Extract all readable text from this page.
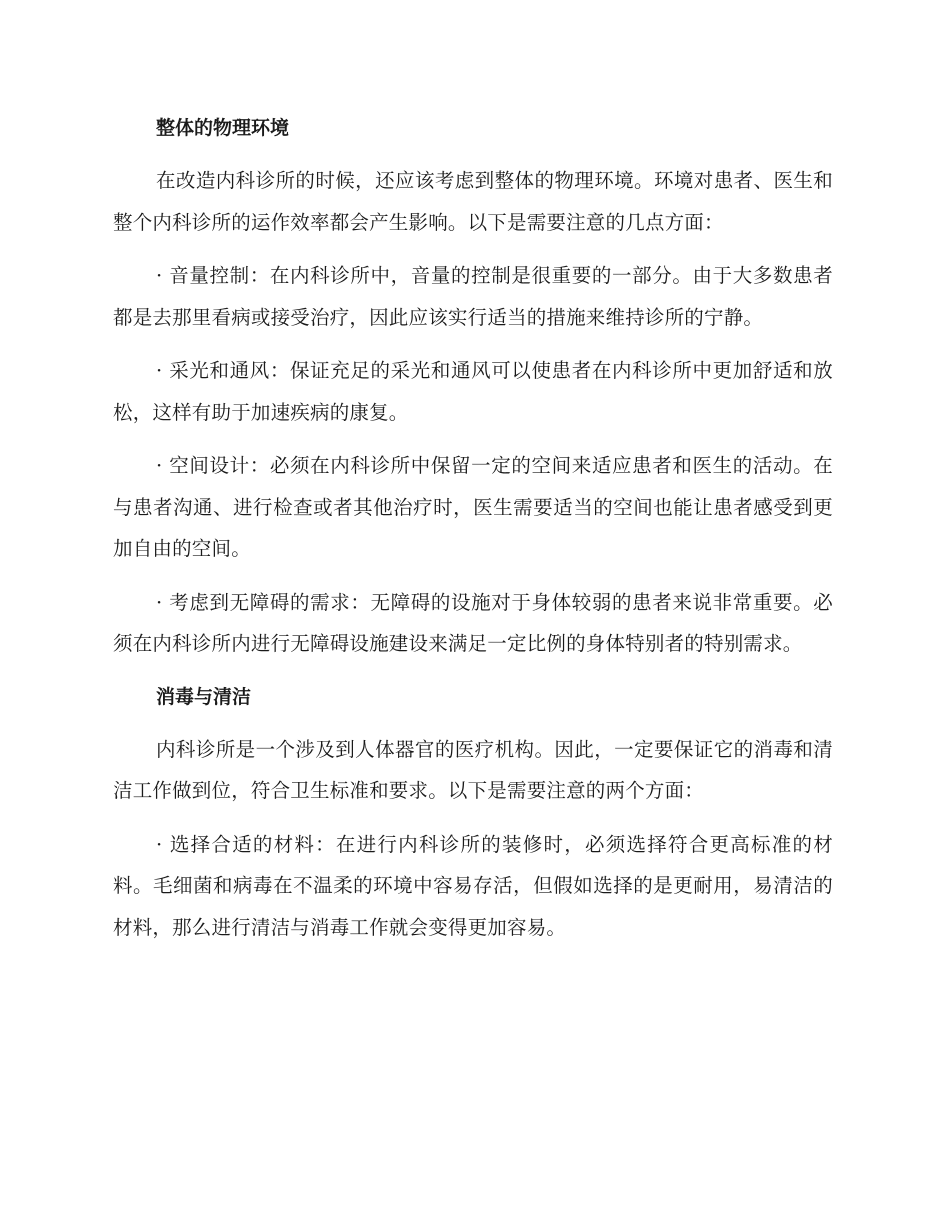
整体的物理环境

在改造内科诊所的时候，还应该考虑到整体的物理环境。环境对患者、医生和整个内科诊所的运作效率都会产生影响。以下是需要注意的几点方面：

· 音量控制：在内科诊所中，音量的控制是很重要的一部分。由于大多数患者都是去那里看病或接受治疗，因此应该实行适当的措施来维持诊所的宁静。

· 采光和通风：保证充足的采光和通风可以使患者在内科诊所中更加舒适和放松，这样有助于加速疾病的康复。

· 空间设计：必须在内科诊所中保留一定的空间来适应患者和医生的活动。在与患者沟通、进行检查或者其他治疗时，医生需要适当的空间也能让患者感受到更加自由的空间。

· 考虑到无障碍的需求：无障碍的设施对于身体较弱的患者来说非常重要。必须在内科诊所内进行无障碍设施建设来满足一定比例的身体特别者的特别需求。

消毒与清洁

内科诊所是一个涉及到人体器官的医疗机构。因此，一定要保证它的消毒和清洁工作做到位，符合卫生标准和要求。以下是需要注意的两个方面：

· 选择合适的材料：在进行内科诊所的装修时，必须选择符合更高标准的材料。毛细菌和病毒在不温柔的环境中容易存活，但假如选择的是更耐用，易清洁的材料，那么进行清洁与消毒工作就会变得更加容易。
